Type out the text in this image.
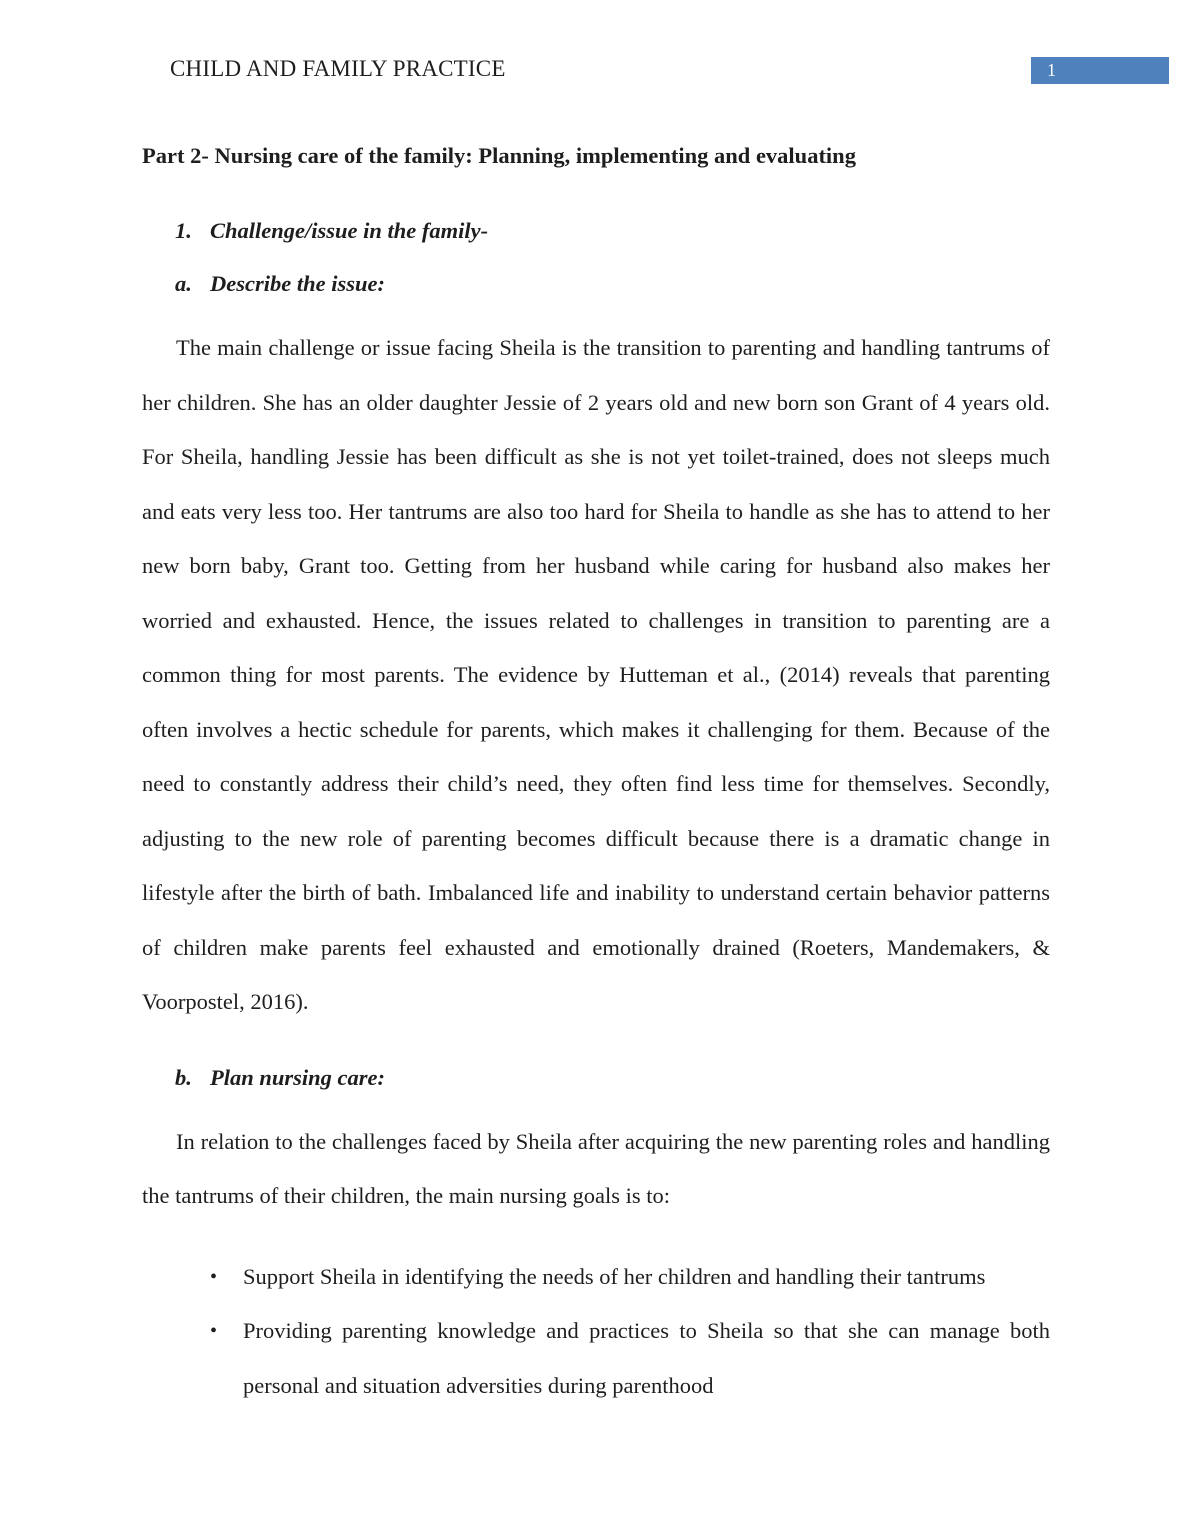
CHILD AND FAMILY PRACTICE	1
Part 2- Nursing care of the family: Planning, implementing and evaluating
1. Challenge/issue in the family-
a. Describe the issue:

The main challenge or issue facing Sheila is the transition to parenting and handling tantrums of her children. She has an older daughter Jessie of 2 years old and new born son Grant of 4 years old. For Sheila, handling Jessie has been difficult as she is not yet toilet-trained, does not sleeps much and eats very less too. Her tantrums are also too hard for Sheila to handle as she has to attend to her new born baby, Grant too. Getting from her husband while caring for husband also makes her worried and exhausted. Hence, the issues related to challenges in transition to parenting are a common thing for most parents. The evidence by Hutteman et al., (2014) reveals that parenting often involves a hectic schedule for parents, which makes it challenging for them. Because of the need to constantly address their child’s need, they often find less time for themselves. Secondly, adjusting to the new role of parenting becomes difficult because there is a dramatic change in lifestyle after the birth of bath. Imbalanced life and inability to understand certain behavior patterns of children make parents feel exhausted and emotionally drained (Roeters, Mandemakers, & Voorpostel, 2016).

b. Plan nursing care:

In relation to the challenges faced by Sheila after acquiring the new parenting roles and handling the tantrums of their children, the main nursing goals is to:

•	Support Sheila in identifying the needs of her children and handling their tantrums
•	Providing parenting knowledge and practices to Sheila so that she can manage both personal and situation adversities during parenthood
